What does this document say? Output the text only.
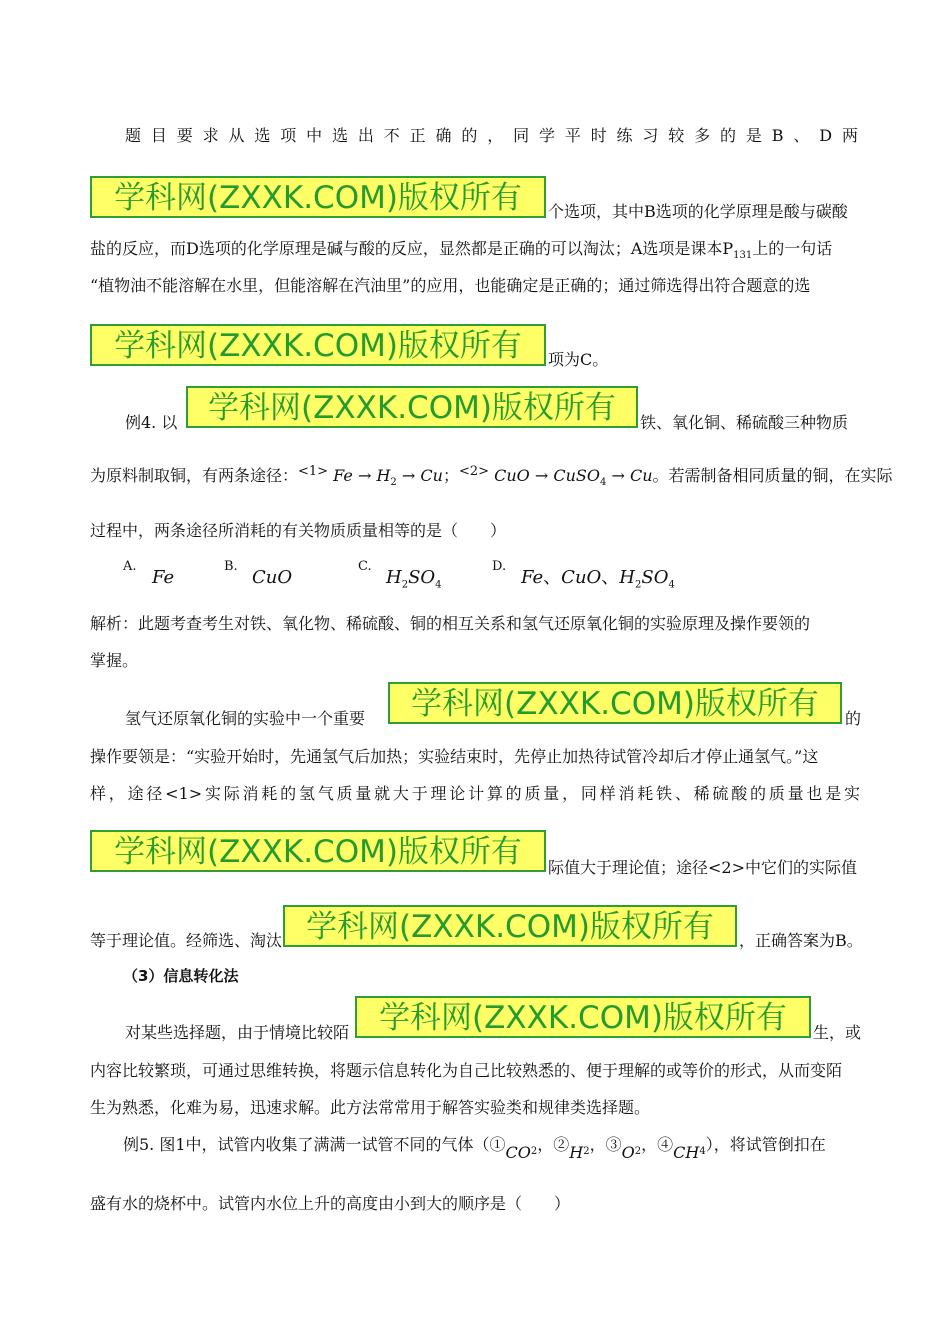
题目要求从选项中选出不正确的，同学平时练习较多的是B、D两
学科网(ZXXK.COM)版权所有	个选项，其中B选项的化学原理是酸与碳酸
盐的反应，而D选项的化学原理是碱与酸的反应，显然都是正确的可以淘汰；A选项是课本$P_{131}$上的一句话
“植物油不能溶解在水里，但能溶解在汽油里”的应用，也能确定是正确的；通过筛选得出符合题意的选
学科网(ZXXK.COM)版权所有	项为C。
例4. 以 学科网(ZXXK.COM)版权所有	铁、氧化铜、稀硫酸三种物质
为原料制取铜，有两条途径：$^{<1>}$ $Fe \to H_2 \to Cu$；$^{<2>}$ CuO → CuSO$_4$ → Cu。若需制备相同质量的铜，在实际
过程中，两条途径所消耗的有关物质质量相等的是（　　）
A.
Fe
B.
CuO
C.
$H_2SO_4$
D.
Fe、CuO、$H_2SO_4$
解析：此题考查考生对铁、氧化物、稀硫酸、铜的相互关系和氢气还原氧化铜的实验原理及操作要领的
掌握。
氢气还原氧化铜的实验中一个重要	学科网(ZXXK.COM)版权所有	的
操作要领是：“实验开始时，先通氢气后加热；实验结束时，先停止加热待试管冷却后才停止通氢气。”这
样，途径<1>实际消耗的氢气质量就大于理论计算的质量，同样消耗铁、稀硫酸的质量也是实
学科网(ZXXK.COM)版权所有	际值大于理论值；途径<2>中它们的实际值
等于理论值。经筛选、淘汰 学科网(ZXXK.COM)版权所有	，正确答案为B。
（3）信息转化法
对某些选择题，由于情境比较陌 学科网(ZXXK.COM)版权所有	生，或
内容比较繁琐，可通过思维转换，将题示信息转化为自己比较熟悉的、便于理解的或等价的形式，从而变陌
生为熟悉，化难为易，迅速求解。此方法常常用于解答实验类和规律类选择题。
例5. 图1中，试管内收集了满满一试管不同的气体（$①CO_2$，$②H_2$，$③O_2$，$④CH_4$），将试管倒扣在
盛有水的烧杯中。试管内水位上升的高度由小到大的顺序是（　　）
